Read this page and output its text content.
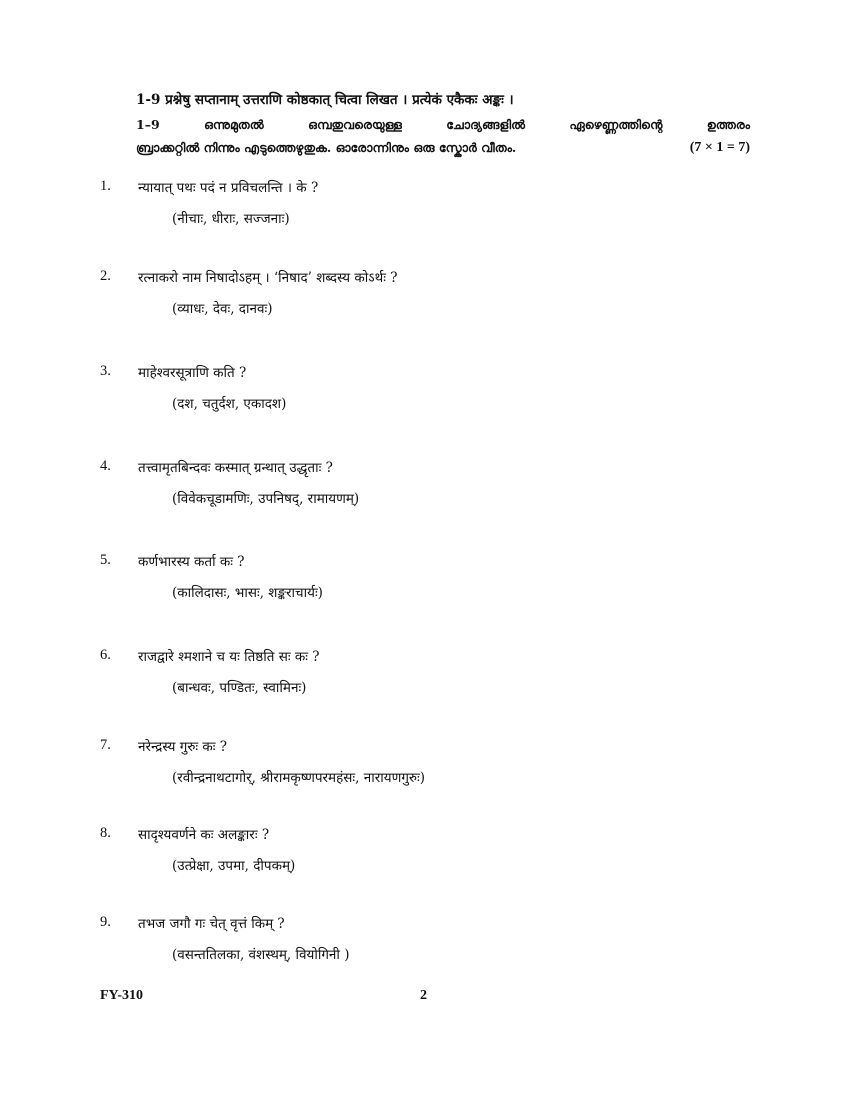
1-9 प्रश्नेषु सप्तानाम् उत्तराणि कोष्ठकात् चित्वा लिखत । प्रत्येकं एकैकः अङ्कः ।
1–9 ഒന്നുമുതൽ ഒമ്പതുവരെയുള്ള ചോദ്യങ്ങളിൽ ഏഴെണ്ണത്തിന്റെ ഉത്തരം
ബ്രാക്കറ്റിൽ നിന്നും എടുത്തെഴുതുക. ഓരോന്നിനും ഒരു സ്കോർ വീതം.	(7 × 1 = 7)
1. न्यायात् पथः पदं न प्रविचलन्ति । के ?
(नीचाः, धीराः, सज्जनाः)
2. रत्नाकरो नाम निषादोऽहम् । ‘निषाद’ शब्दस्य कोऽर्थः ?
(व्याधः, देवः, दानवः)
3. माहेश्वरसूत्राणि कति ?
(दश, चतुर्दश, एकादश)
4. तत्त्वामृतबिन्दवः कस्मात् ग्रन्थात् उद्धृताः ?
(विवेकचूडामणिः, उपनिषद्, रामायणम्)
5. कर्णभारस्य कर्ता कः ?
(कालिदासः, भासः, शङ्कराचार्यः)
6. राजद्वारे श्मशाने च यः तिष्ठति सः कः ?
(बान्धवः, पण्डितः, स्वामिनः)
7. नरेन्द्रस्य गुरुः कः ?
(रवीन्द्रनाथटागोर्, श्रीरामकृष्णपरमहंसः, नारायणगुरुः)
8. सादृश्यवर्णने कः अलङ्कारः ?
(उत्प्रेक्षा, उपमा, दीपकम्)
9. तभज जगौ गः चेत् वृत्तं किम् ?
(वसन्ततिलका, वंशस्थम्, वियोगिनी )
FY-310	2
